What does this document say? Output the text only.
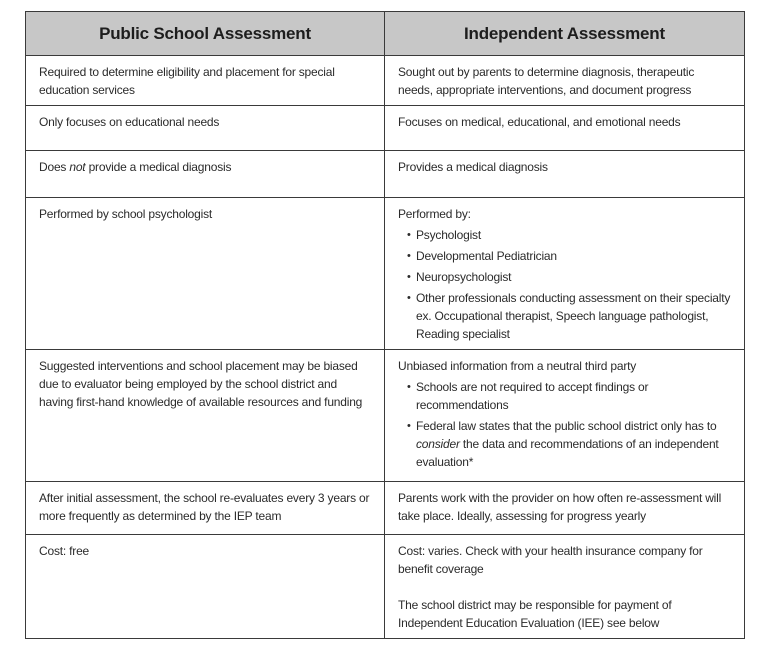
Public School Assessment	Independent Assessment

Required to determine eligibility and placement for special education services	Sought out by parents to determine diagnosis, therapeutic needs, appropriate interventions, and document progress

Only focuses on educational needs	Focuses on medical, educational, and emotional needs

Does not provide a medical diagnosis	Provides a medical diagnosis

Performed by school psychologist	Performed by:
• Psychologist
• Developmental Pediatrician
• Neuropsychologist
• Other professionals conducting assessment on their specialty ex. Occupational therapist, Speech language pathologist, Reading specialist

Suggested interventions and school placement may be biased due to evaluator being employed by the school district and having first-hand knowledge of available resources and funding	Unbiased information from a neutral third party
• Schools are not required to accept findings or recommendations
• Federal law states that the public school district only has to consider the data and recommendations of an independent evaluation*

After initial assessment, the school re-evaluates every 3 years or more frequently as determined by the IEP team	Parents work with the provider on how often re-assessment will take place. Ideally, assessing for progress yearly

Cost: free	Cost: varies. Check with your health insurance company for benefit coverage
The school district may be responsible for payment of Independent Education Evaluation (IEE) see below
